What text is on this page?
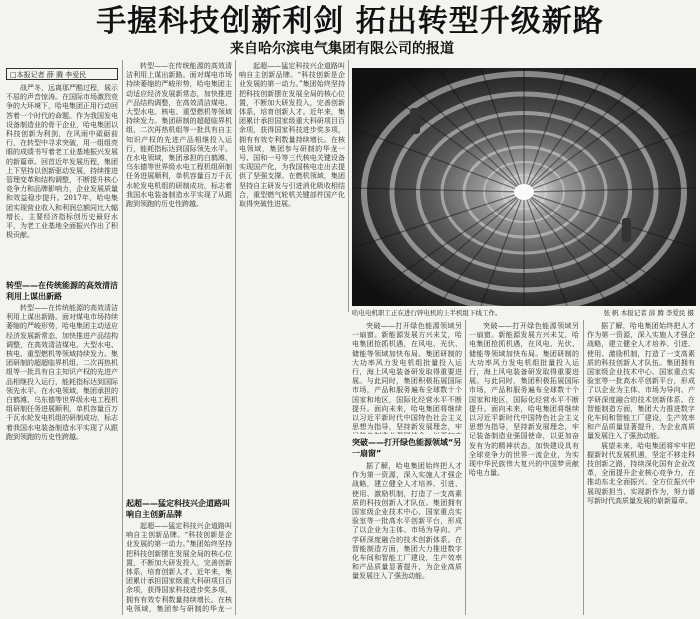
手握科技创新利剑 拓出转型升级新路
来自哈尔滨电气集团有限公司的报道
□本报记者 薛 腾 李爱民

战严冬，远离那严酷过程，展示不屈的声音惊涛。在国际市场激烈竞争的大环境下，哈电集团正用行动回答着一个时代的命题。作为我国发电设备制造业的骨干企业，哈电集团以科技创新为利剑，在风雨中砥砺前行，在转型中寻求突破，用一组组亮眼的成绩书写着老工业基地振兴发展的新篇章。回首近年发展历程，集团上下坚持以创新驱动发展，持续推进管理变革和结构调整，不断提升核心竞争力和品牌影响力，企业发展质量和效益稳步提升。2017年，哈电集团实现营业收入和利润总额同比大幅增长，主要经济指标创历史最好水平，为老工业基地全面振兴作出了积极贡献。

转型——在传统能源的高效清洁利用上谋出新路

转型——在传统能源的高效清洁利用上谋出新路。面对煤电市场持续萎缩的严峻形势，哈电集团主动适应经济发展新常态，加快推进产品结构调整，在高效清洁煤电、大型水电、核电、重型燃机等领域持续发力。集团研制的超超临界机组、二次再热机组等一批具有自主知识产权的先进产品相继投入运行，能耗指标达到国际领先水平。在水电领域，集团承担的白鹤滩、乌东德等世界级水电工程机组研制任务进展顺利，单机容量百万千瓦水轮发电机组的研制成功，标志着我国水电装备制造水平实现了从跟跑到领跑的历史性跨越。

转型——在传统能源的高效清洁利用上谋出新路。面对煤电市场持续萎缩的严峻形势，哈电集团主动适应经济发展新常态，加快推进产品结构调整，在高效清洁煤电、大型水电、核电、重型燃机等领域持续发力。集团研制的超超临界机组、二次再热机组等一批具有自主知识产权的先进产品相继投入运行，能耗指标达到国际领先水平。在水电领域，集团承担的白鹤滩、乌东德等世界级水电工程机组研制任务进展顺利，单机容量百万千瓦水轮发电机组的研制成功，标志着我国水电装备制造水平实现了从跟跑到领跑的历史性跨越。

起超——猛定科技兴企道路叫响自主创新品牌

起超——猛定科技兴企道路叫响自主创新品牌。“科技创新是企业发展的第一动力。”集团始终坚持把科技创新摆在发展全局的核心位置，不断加大研发投入，完善创新体系，培育创新人才。近年来，集团累计承担国家级重大科研项目百余项，获得国家科技进步奖多项，拥有有效专利数量持续增长。在核电领域，集团参与研制的华龙一

起超——猛定科技兴企道路叫响自主创新品牌。“科技创新是企业发展的第一动力。”集团始终坚持把科技创新摆在发展全局的核心位置，不断加大研发投入，完善创新体系，培育创新人才。近年来，集团累计承担国家级重大科研项目百余项，获得国家科技进步奖多项，拥有有效专利数量持续增长。在核电领域，集团参与研制的华龙一号、国和一号等三代核电关键设备实现国产化，为我国核电走出去提供了坚强支撑。在燃机领域，集团坚持自主研发与引进消化吸收相结合，重型燃气轮机关键部件国产化取得突破性进展。

哈电电机职工正在进行锌电机的上半机组下线工作。	张 帆 本报记者 薛 腾 李爱民 摄

突破——打开绿色能源领域另一扇窗。新能源发展方兴未艾，哈电集团抢抓机遇，在风电、光伏、储能等领域加快布局。集团研制的大功率风力发电机组批量投入运行，海上风电装备研发取得重要进展。与此同时，集团积极拓展国际市场，产品和服务遍布全球数十个国家和地区，国际化经营水平不断提升。面向未来，哈电集团将继续以习近平新时代中国特色社会主义思想为指导，坚持新发展理念，牢

突破——打开绿色能源领域“另一扇窗”

据了解，哈电集团始终把人才作为第一资源，深入实施人才强企战略，建立健全人才培养、引进、使用、激励机制，打造了一支高素质的科技创新人才队伍。集团拥有国家级企业技术中心、国家重点实验室等一批高水平创新平台，形成了以企业为主体、市场为导向、产学研深度融合的技术创新体系。在智能制造方面，集团大力推进数字化车间和智能工厂建设，生产效率和产品质量显著提升，为企业高质量发展注入了强劲动能。

突破——打开绿色能源领域另一扇窗。新能源发展方兴未艾，哈电集团抢抓机遇，在风电、光伏、储能等领域加快布局。集团研制的大功率风力发电机组批量投入运行，海上风电装备研发取得重要进展。与此同时，集团积极拓展国际市场，产品和服务遍布全球数十个国家和地区，国际化经营水平不断提升。面向未来，哈电集团将继续以习近平新时代中国特色社会主义思想为指导，坚持新发展理念，牢记装备制造业强国使命，以更加奋发有为的精神状态，加快建设具有全球竞争力的世界一流企业，为实现中华民族伟大复兴的中国梦贡献哈电力量。

据了解，哈电集团始终把人才作为第一资源，深入实施人才强企战略，建立健全人才培养、引进、使用、激励机制，打造了一支高素质的科技创新人才队伍。集团拥有国家级企业技术中心、国家重点实验室等一批高水平创新平台，形成了以企业为主体、市场为导向、产学研深度融合的技术创新体系。在智能制造方面，集团大力推进数字化车间和智能工厂建设，生产效率和产品质量显著提升，为企业高质量发展注入了强劲动能。

展望未来，哈电集团将牢牢把握新时代发展机遇，坚定不移走科技创新之路，持续深化国有企业改革，全面提升企业核心竞争力，在推动东北全面振兴、全方位振兴中展现新担当、实现新作为，努力谱写新时代高质量发展的崭新篇章。
